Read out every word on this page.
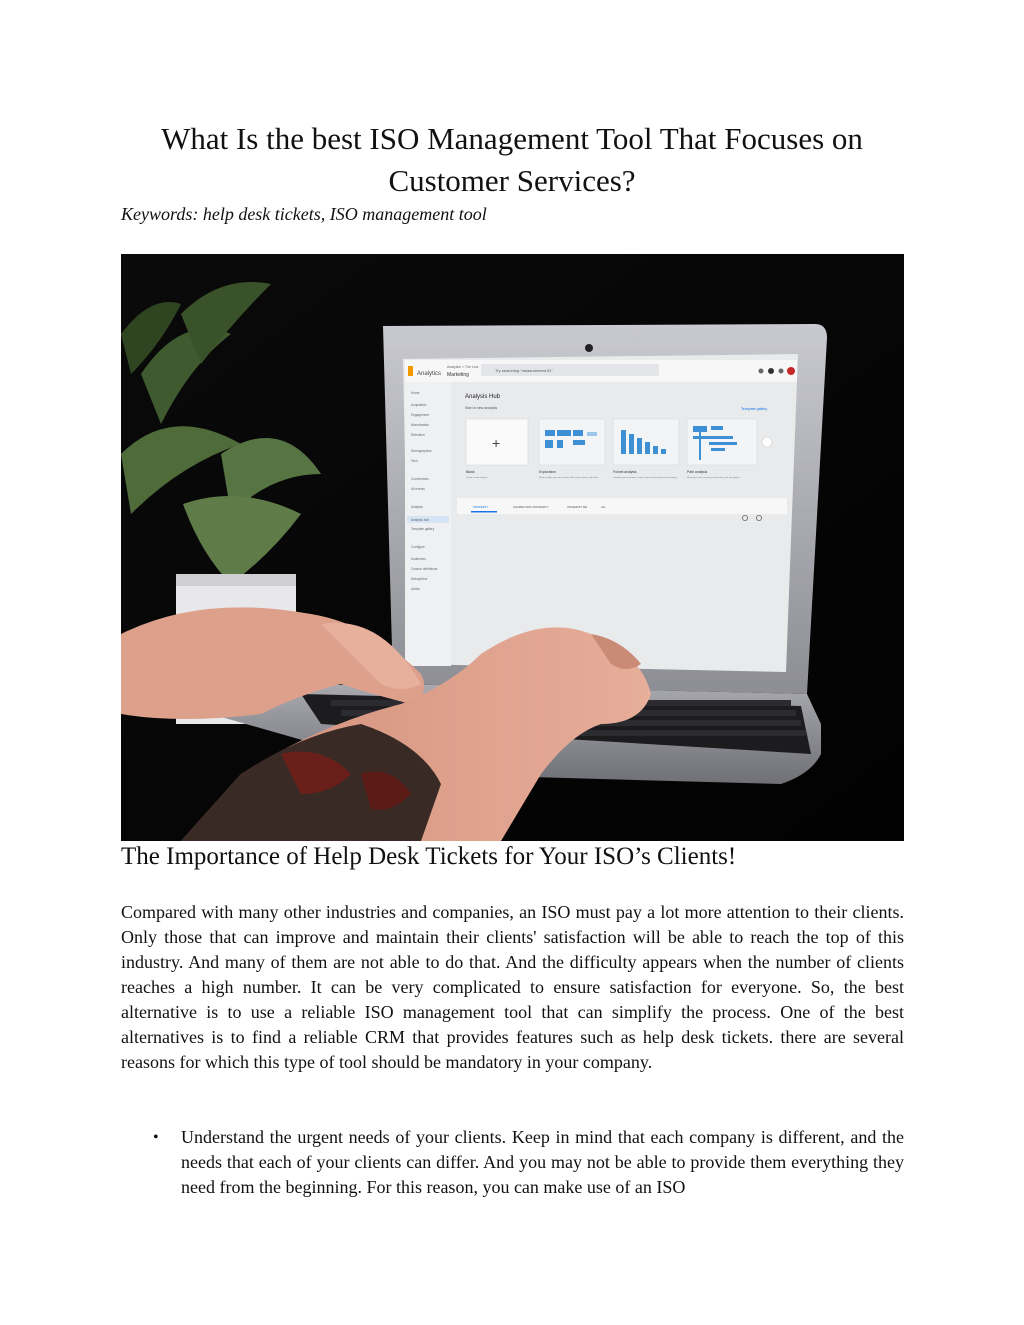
What Is the best ISO Management Tool That Focuses on Customer Services?

Keywords: help desk tickets, ISO management tool

Analytics
Analytics > The Line
Marketing
Try searching "measurement ID"
Home
Acquisition
Engagement
Monetization
Retention
Demographics
Tech
Conversions
All events
Analysis
Analysis hub
Template gallery
Configure
Audiences
Custom definitions
DebugView
Admin
Analysis Hub
Start a new analysis	Template gallery
+
Blank	Exploration	Funnel analysis	Path analysis
Create a new analysis	Show insights you can uncover with custom charts and tables	Visualize your customers' steps and see how they are succeeding	Show your user journey to conversion with tree graphs
PROPERTY	SHARED WITH PROPERTY	OWNED BY ME	ALL
The Importance of Help Desk Tickets for Your ISO’s Clients!

Compared with many other industries and companies, an ISO must pay a lot more attention to their clients. Only those that can improve and maintain their clients' satisfaction will be able to reach the top of this industry. And many of them are not able to do that. And the difficulty appears when the number of clients reaches a high number. It can be very complicated to ensure satisfaction for everyone. So, the best alternative is to use a reliable ISO management tool that can simplify the process. One of the best alternatives is to find a reliable CRM that provides features such as help desk tickets. there are several reasons for which this type of tool should be mandatory in your company.

• Understand the urgent needs of your clients. Keep in mind that each company is different, and the needs that each of your clients can differ. And you may not be able to provide them everything they need from the beginning. For this reason, you can make use of an ISO
